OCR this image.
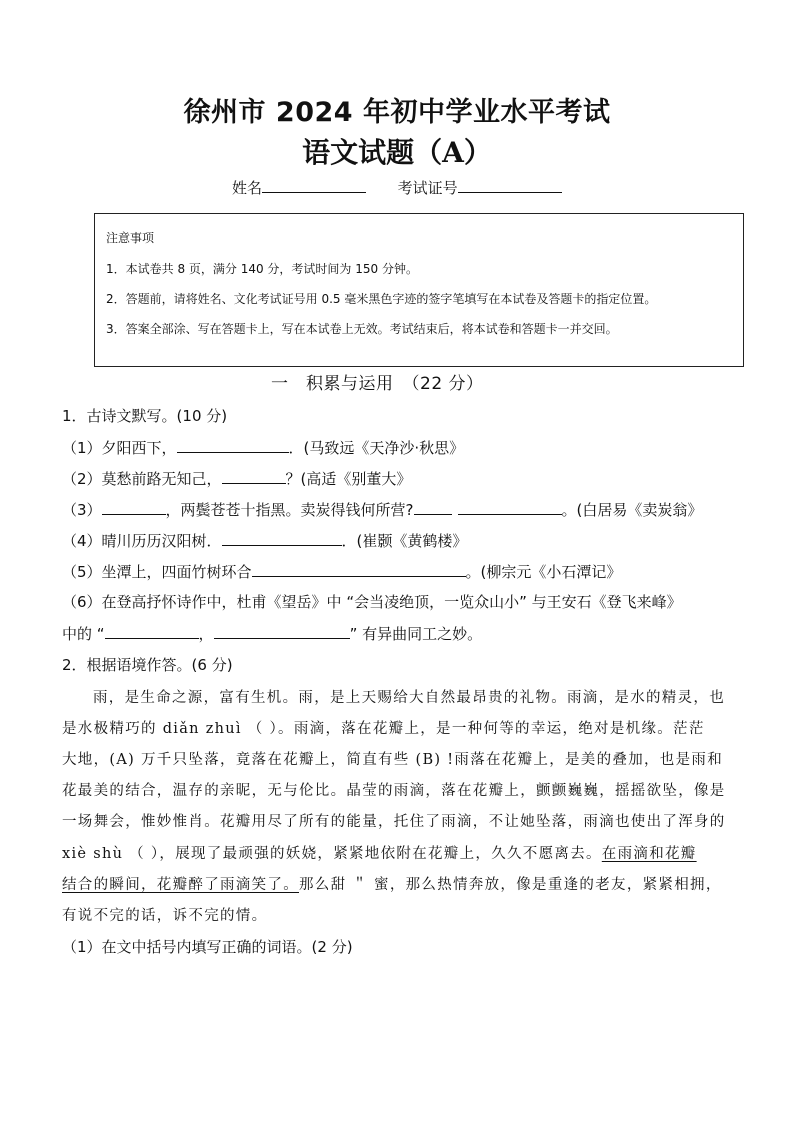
徐州市 2024 年初中学业水平考试
语文试题（A）
姓名	考试证号
注意事项
1．本试卷共 8 页，满分 140 分，考试时间为 150 分钟。
2．答题前，请将姓名、文化考试证号用 0.5 毫米黑色字迹的签字笔填写在本试卷及答题卡的指定位置。
3．答案全部涂、写在答题卡上，写在本试卷上无效。考试结束后，将本试卷和答题卡一并交回。
一　积累与运用　（22 分）
1．古诗文默写。(10 分)
（1）夕阳西下，	．(马致远《天净沙·秋思》
（2）莫愁前路无知己，	？(高适《别董大》
（3）	，两鬓苍苍十指黑。卖炭得钱何所营?	。(白居易《卖炭翁》
（4）晴川历历汉阳树．	．(崔颢《黄鹤楼》
（5）坐潭上，四面竹树环合	。(柳宗元《小石潭记》
（6）在登高抒怀诗作中，杜甫《望岳》中 “会当凌绝顶，一览众山小” 与王安石《登飞来峰》
中的 “	，	” 有异曲同工之妙。
2．根据语境作答。(6 分)
雨，是生命之源，富有生机。雨，是上天赐给大自然最昂贵的礼物。雨滴，是水的精灵，也
是水极精巧的 diǎn zhuì （ ）。雨滴，落在花瓣上，是一种何等的幸运，绝对是机缘。茫茫
大地，(A) 万千只坠落，竟落在花瓣上，简直有些 (B) !雨落在花瓣上，是美的叠加，也是雨和
花最美的结合，温存的亲昵，无与伦比。晶莹的雨滴，落在花瓣上，颤颤巍巍，摇摇欲坠，像是
一场舞会，惟妙惟肖。花瓣用尽了所有的能量，托住了雨滴，不让她坠落，雨滴也使出了浑身的
xiè shù （ ），展现了最顽强的妖娆，紧紧地依附在花瓣上，久久不愿离去。在雨滴和花瓣
结合的瞬间，花瓣醉了雨滴笑了。那么甜 ＂ 蜜，那么热情奔放，像是重逢的老友，紧紧相拥，
有说不完的话，诉不完的情。
（1）在文中括号内填写正确的词语。(2 分)
